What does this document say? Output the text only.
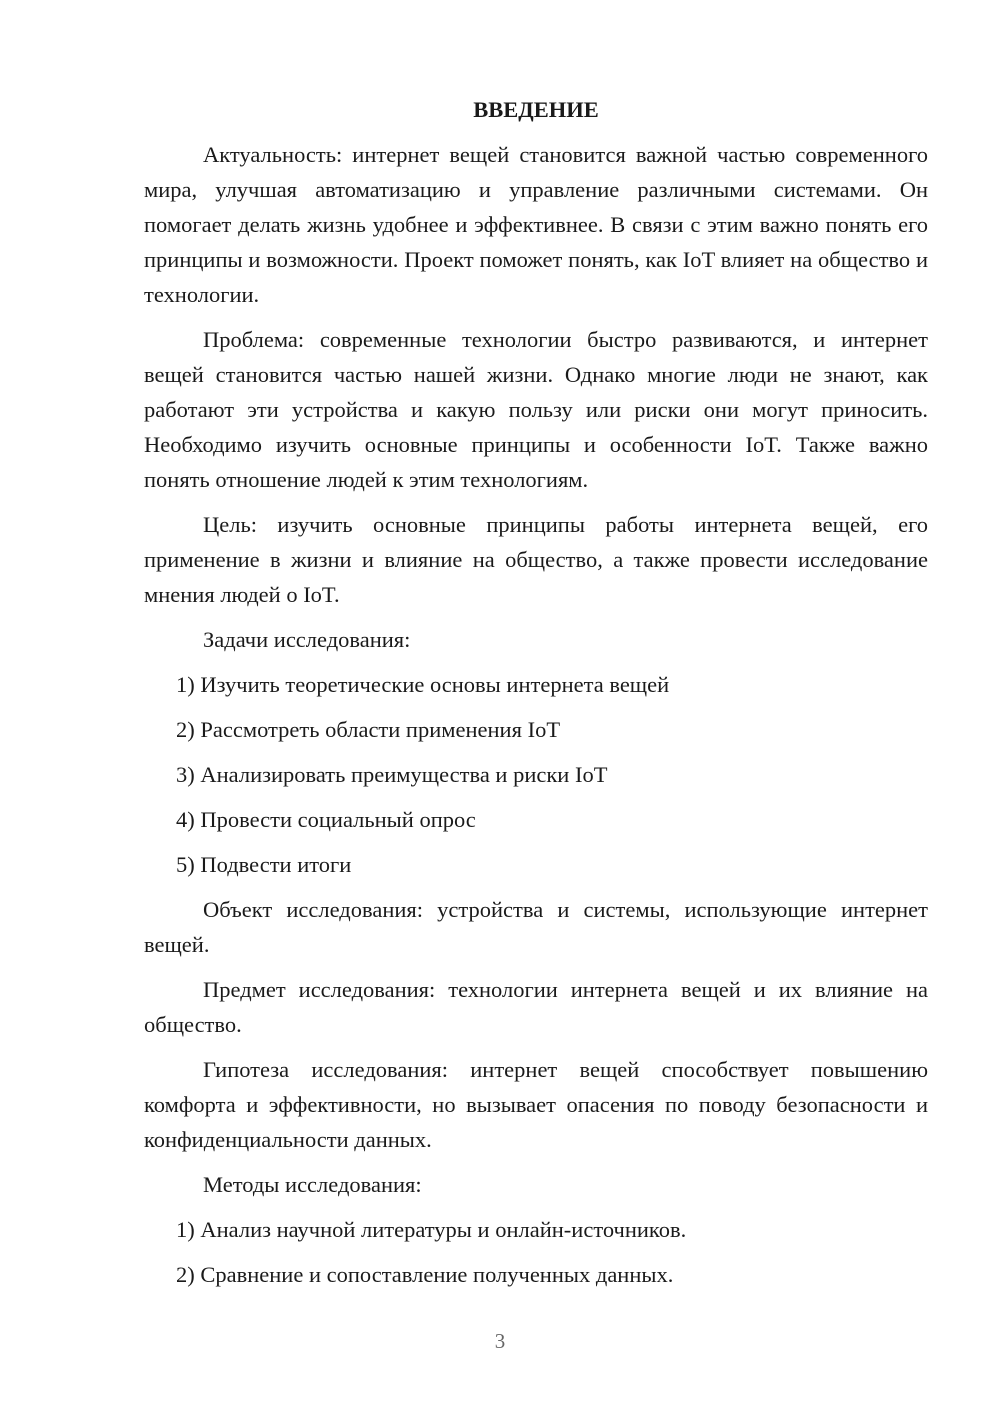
ВВЕДЕНИЕ

Актуальность: интернет вещей становится важной частью современного мира, улучшая автоматизацию и управление различными системами. Он помогает делать жизнь удобнее и эффективнее. В связи с этим важно понять его принципы и возможности. Проект поможет понять, как IoT влияет на общество и технологии.

Проблема: современные технологии быстро развиваются, и интернет вещей становится частью нашей жизни. Однако многие люди не знают, как работают эти устройства и какую пользу или риски они могут приносить. Необходимо изучить основные принципы и особенности IoT. Также важно понять отношение людей к этим технологиям.

Цель: изучить основные принципы работы интернета вещей, его применение в жизни и влияние на общество, а также провести исследование мнения людей о IoT.

Задачи исследования:

1) Изучить теоретические основы интернета вещей
2) Рассмотреть области применения IoT
3) Анализировать преимущества и риски IoT
4) Провести социальный опрос
5) Подвести итоги

Объект исследования: устройства и системы, использующие интернет вещей.

Предмет исследования: технологии интернета вещей и их влияние на общество.

Гипотеза исследования: интернет вещей способствует повышению комфорта и эффективности, но вызывает опасения по поводу безопасности и конфиденциальности данных.

Методы исследования:

1) Анализ научной литературы и онлайн-источников.
2) Сравнение и сопоставление полученных данных.
3
